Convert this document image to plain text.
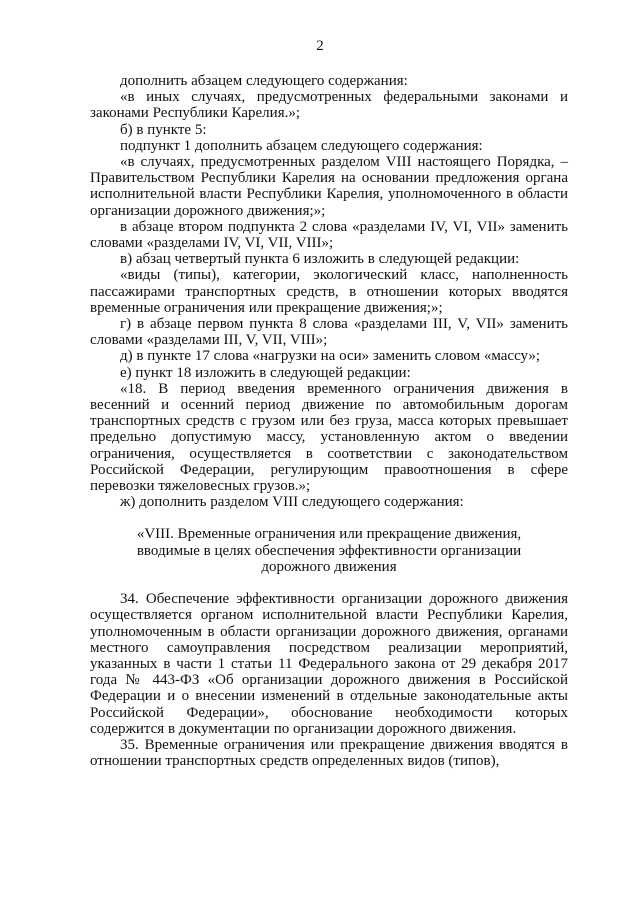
2

дополнить абзацем следующего содержания:

«в иных случаях, предусмотренных федеральными законами и законами Республики Карелия.»;

б) в пункте 5:

подпункт 1 дополнить абзацем следующего содержания:

«в случаях, предусмотренных разделом VIII настоящего Порядка, – Правительством Республики Карелия на основании предложения органа исполнительной власти Республики Карелия, уполномоченного в области организации дорожного движения;»;

в абзаце втором подпункта 2 слова «разделами IV, VI, VII» заменить словами «разделами IV, VI, VII, VIII»;

в) абзац четвертый пункта 6 изложить в следующей редакции:

«виды (типы), категории, экологический класс, наполненность пассажирами транспортных средств, в отношении которых вводятся временные ограничения или прекращение движения;»;

г) в абзаце первом пункта 8 слова «разделами III, V, VII» заменить словами «разделами III, V, VII, VIII»;

д) в пункте 17 слова «нагрузки на оси» заменить словом «массу»;

е) пункт 18 изложить в следующей редакции:

«18. В период введения временного ограничения движения в весенний и осенний период движение по автомобильным дорогам транспортных средств с грузом или без груза, масса которых превышает предельно допустимую массу, установленную актом о введении ограничения, осуществляется в соответствии с законодательством Российской Федерации, регулирующим правоотношения в сфере перевозки тяжеловесных грузов.»;

ж) дополнить разделом VIII следующего содержания:

«VIII. Временные ограничения или прекращение движения, вводимые в целях обеспечения эффективности организации дорожного движения

34. Обеспечение эффективности организации дорожного движения осуществляется органом исполнительной власти Республики Карелия, уполномоченным в области организации дорожного движения, органами местного самоуправления посредством реализации мероприятий, указанных в части 1 статьи 11 Федерального закона от 29 декабря 2017 года № 443-ФЗ «Об организации дорожного движения в Российской Федерации и о внесении изменений в отдельные законодательные акты Российской Федерации», обоснование необходимости которых содержится в документации по организации дорожного движения.

35. Временные ограничения или прекращение движения вводятся в отношении транспортных средств определенных видов (типов),
